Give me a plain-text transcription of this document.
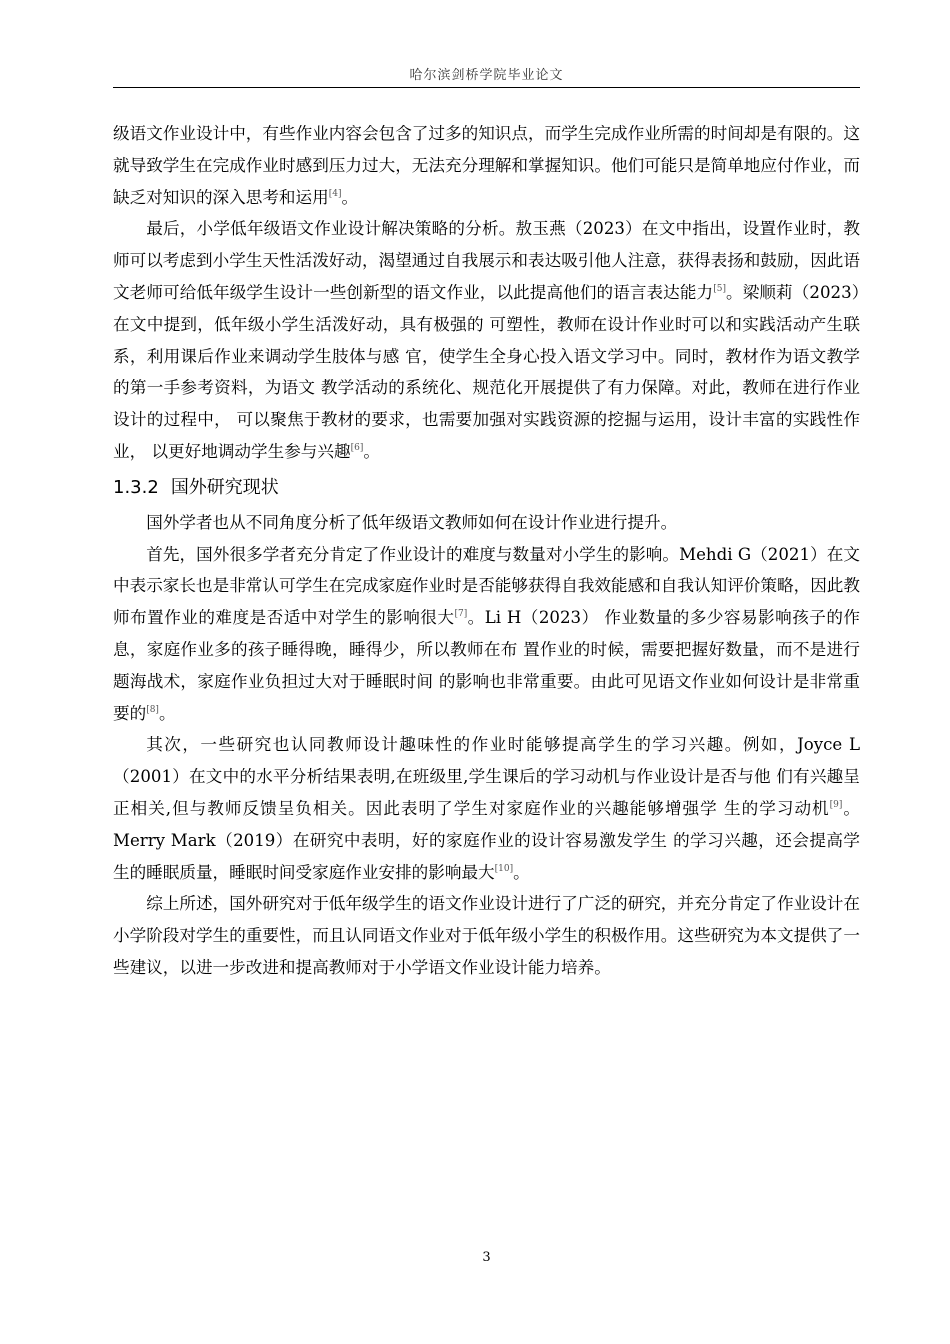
哈尔滨剑桥学院毕业论文

级语文作业设计中，有些作业内容会包含了过多的知识点，而学生完成作业所需的时间却是有限的。这就导致学生在完成作业时感到压力过大，无法充分理解和掌握知识。他们可能只是简单地应付作业，而缺乏对知识的深入思考和运用[4]。

最后，小学低年级语文作业设计解决策略的分析。敖玉燕（2023）在文中指出，设置作业时，教师可以考虑到小学生天性活泼好动，渴望通过自我展示和表达吸引他人注意，获得表扬和鼓励，因此语文老师可给低年级学生设计一些创新型的语文作业，以此提高他们的语言表达能力[5]。梁顺莉（2023）在文中提到，低年级小学生活泼好动，具有极强的 可塑性，教师在设计作业时可以和实践活动产生联系，利用课后作业来调动学生肢体与感 官，使学生全身心投入语文学习中。同时，教材作为语文教学的第一手参考资料，为语文 教学活动的系统化、规范化开展提供了有力保障。对此，教师在进行作业设计的过程中， 可以聚焦于教材的要求，也需要加强对实践资源的挖掘与运用，设计丰富的实践性作业， 以更好地调动学生参与兴趣[6]。

1.3.2 国外研究现状

国外学者也从不同角度分析了低年级语文教师如何在设计作业进行提升。

首先，国外很多学者充分肯定了作业设计的难度与数量对小学生的影响。Mehdi G（2021）在文中表示家长也是非常认可学生在完成家庭作业时是否能够获得自我效能感和自我认知评价策略，因此教师布置作业的难度是否适中对学生的影响很大[7]。Li H（2023） 作业数量的多少容易影响孩子的作息，家庭作业多的孩子睡得晚，睡得少，所以教师在布 置作业的时候，需要把握好数量，而不是进行题海战术，家庭作业负担过大对于睡眠时间 的影响也非常重要。由此可见语文作业如何设计是非常重要的[8]。

其次，一些研究也认同教师设计趣味性的作业时能够提高学生的学习兴趣。例如，Joyce L（2001）在文中的水平分析结果表明,在班级里,学生课后的学习动机与作业设计是否与他 们有兴趣呈正相关,但与教师反馈呈负相关。因此表明了学生对家庭作业的兴趣能够增强学 生的学习动机[9]。Merry Mark（2019）在研究中表明，好的家庭作业的设计容易激发学生 的学习兴趣，还会提高学生的睡眠质量，睡眠时间受家庭作业安排的影响最大[10]。

综上所述，国外研究对于低年级学生的语文作业设计进行了广泛的研究，并充分肯定了作业设计在小学阶段对学生的重要性，而且认同语文作业对于低年级小学生的积极作用。这些研究为本文提供了一些建议，以进一步改进和提高教师对于小学语文作业设计能力培养。

3
